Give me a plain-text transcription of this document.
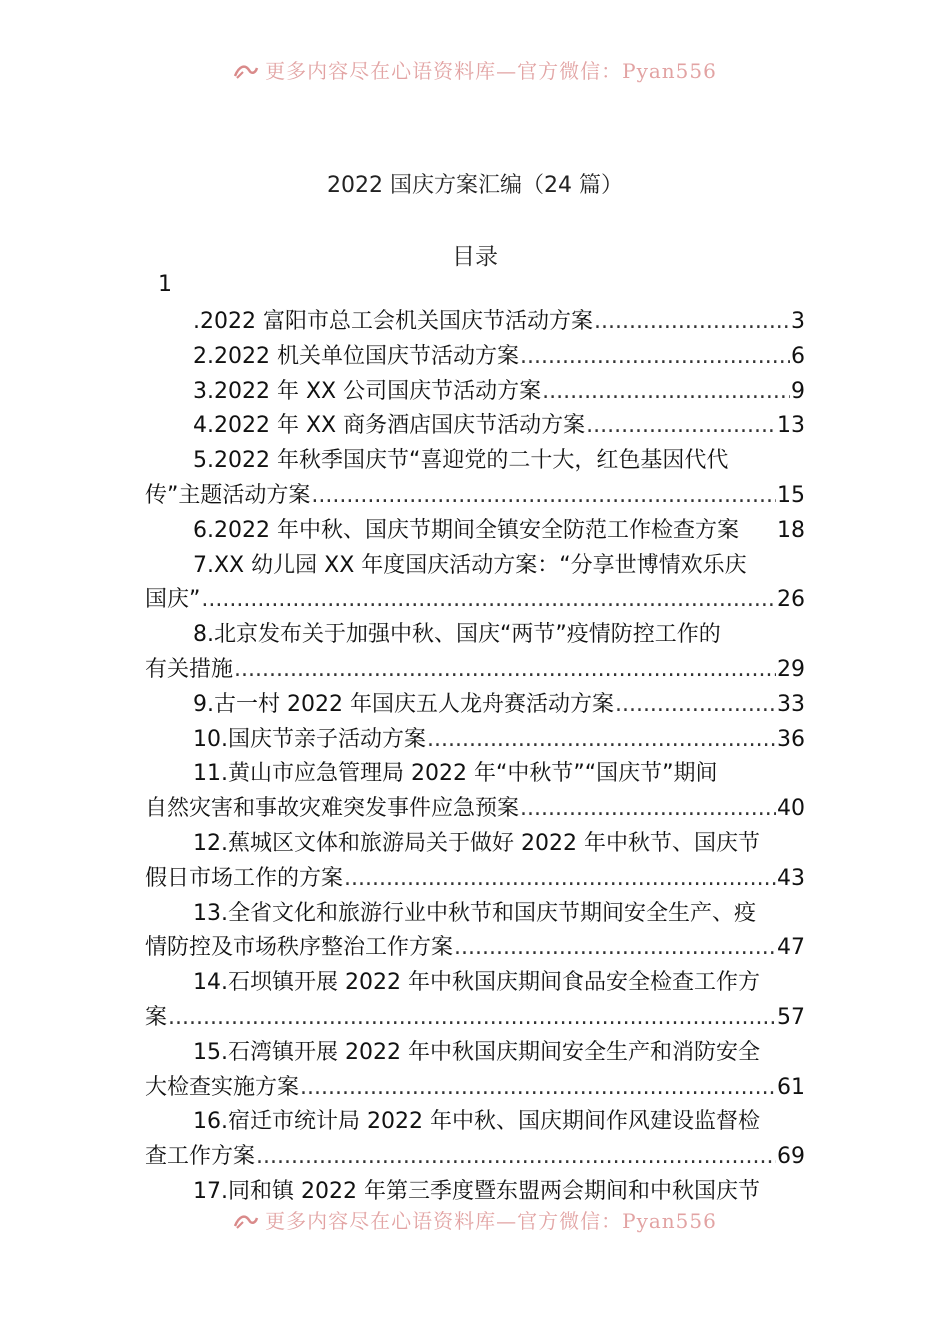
更多内容尽在心语资料库—官方微信：Pyan556
2022 国庆方案汇编（24 篇）
目录
1
.2022 富阳市总工会机关国庆节活动方案 .....	3
2.2022 机关单位国庆节活动方案 .....	6
3.2022 年 XX 公司国庆节活动方案 .....	9
4.2022 年 XX 商务酒店国庆节活动方案 .....	13
5.2022 年秋季国庆节“喜迎党的二十大，红色基因代代
传”主题活动方案 .....	15
6.2022 年中秋、国庆节期间全镇安全防范工作检查方案 18
7.XX 幼儿园 XX 年度国庆活动方案：“分享世博情欢乐庆
国庆” .....	26
8.北京发布关于加强中秋、国庆“两节”疫情防控工作的
有关措施 .....	29
9.古一村 2022 年国庆五人龙舟赛活动方案 .....	33
10.国庆节亲子活动方案 .....	36
11.黄山市应急管理局 2022 年“中秋节”“国庆节”期间
自然灾害和事故灾难突发事件应急预案 .....	40
12.蕉城区文体和旅游局关于做好 2022 年中秋节、国庆节
假日市场工作的方案 .....	43
13.全省文化和旅游行业中秋节和国庆节期间安全生产、疫
情防控及市场秩序整治工作方案 .....	47
14.石坝镇开展 2022 年中秋国庆期间食品安全检查工作方
案 .....	57
15.石湾镇开展 2022 年中秋国庆期间安全生产和消防安全
大检查实施方案 .....	61
16.宿迁市统计局 2022 年中秋、国庆期间作风建设监督检
查工作方案 .....	69
17.同和镇 2022 年第三季度暨东盟两会期间和中秋国庆节
更多内容尽在心语资料库—官方微信：Pyan556
